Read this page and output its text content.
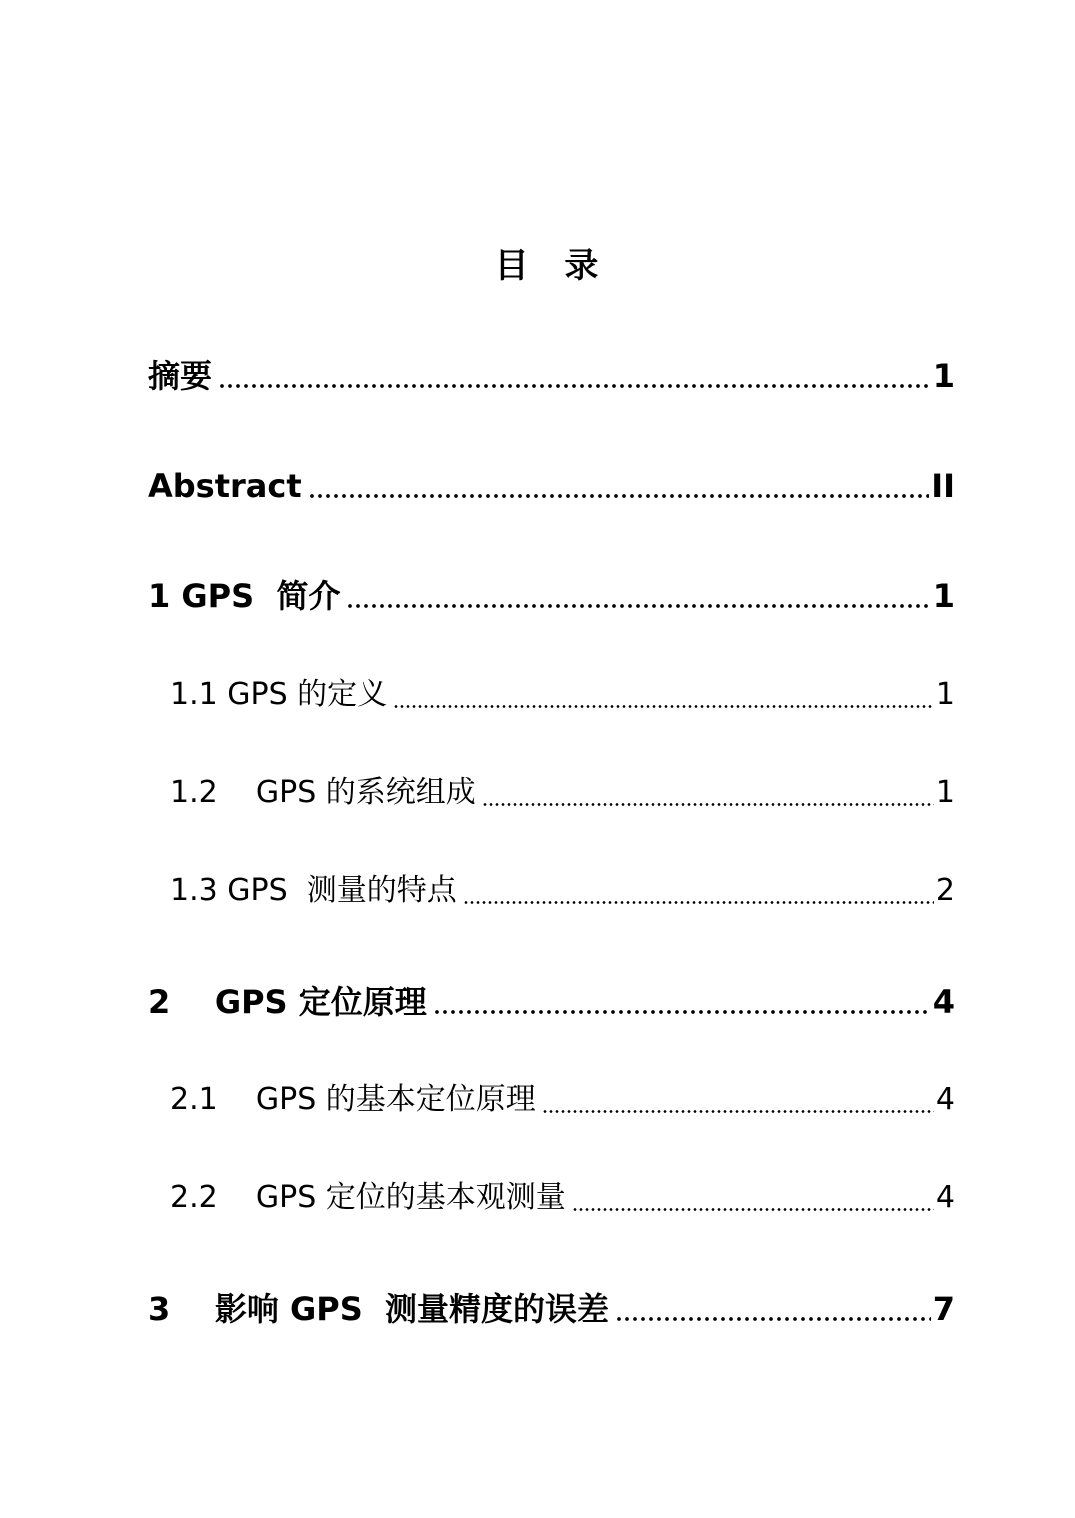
目 录
摘要	1
Abstract	II
1 GPS  简介	1
1.1 GPS 的定义	1
1.2    GPS 的系统组成	1
1.3 GPS  测量的特点	2
2    GPS 定位原理	4
2.1    GPS 的基本定位原理	4
2.2    GPS 定位的基本观测量	4
3    影响 GPS  测量精度的误差	7
